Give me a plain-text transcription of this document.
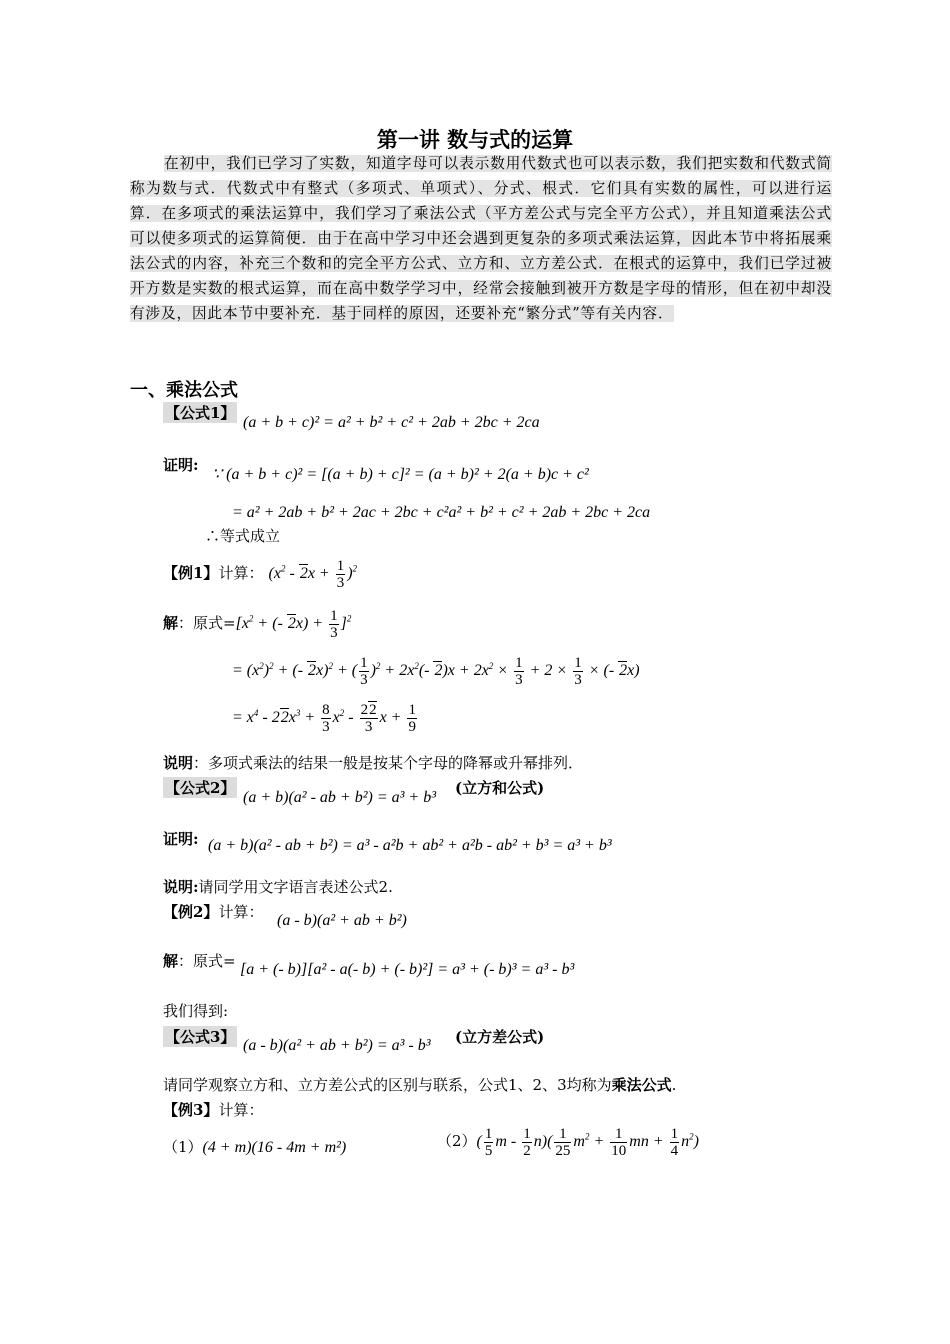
第一讲 数与式的运算
在初中，我们已学习了实数，知道字母可以表示数用代数式也可以表示数，我们把实数和代数式简称为数与式．代数式中有整式（多项式、单项式）、分式、根式．它们具有实数的属性，可以进行运算．在多项式的乘法运算中，我们学习了乘法公式（平方差公式与完全平方公式），并且知道乘法公式可以使多项式的运算简便．由于在高中学习中还会遇到更复杂的多项式乘法运算，因此本节中将拓展乘法公式的内容，补充三个数和的完全平方公式、立方和、立方差公式．在根式的运算中，我们已学过被开方数是实数的根式运算，而在高中数学学习中，经常会接触到被开方数是字母的情形，但在初中却没有涉及，因此本节中要补充．基于同样的原因，还要补充“繁分式”等有关内容．
一、乘法公式
【公式1】
(a + b + c)² = a² + b² + c² + 2ab + 2bc + 2ca
证明:
∵ (a + b + c)² = [(a + b) + c]² = (a + b)² + 2(a + b)c + c²
= a² + 2ab + b² + 2ac + 2bc + c²a² + b² + c² + 2ab + 2bc + 2ca
∴等式成立
【例1】计算： $(x^2 - 2x + \frac{1}{3} )^2$
解：原式$=[x^2$ + (- $2x) + \frac{1}{3} ]^2$
= $(x^2)^2$ + (- 2x)$^2$ + ( $\frac{1}{3} )^2 + 2x^2(-$ $2)x + 2x^2 \times \frac{1}{3} + 2 \times \frac{1}{3}$ × (- 2x)
= $x^4 - 22x^3 + \frac{8}{3} x^2 - \frac{22}{3}$ $x + \frac{1}{9}$
说明：多项式乘法的结果一般是按某个字母的降幂或升幂排列．
【公式2】
(a + b)(a² - ab + b²) = a³ + b³
(立方和公式)
证明: (a + b)(a² - ab + b²) = a³ - a²b + ab² + a²b - ab² + b³ = a³ + b³
说明:请同学用文字语言表述公式2.
【例2】计算： (a - b)(a² + ab + b²)
解：原式= [a + (- b)][a² - a(- b) + (- b)²] = a³ + (- b)³ = a³ - b³
我们得到:
【公式3】 (a - b)(a² + ab + b²) = a³ - b³ (立方差公式)
请同学观察立方和、立方差公式的区别与联系，公式1、2、3均称为乘法公式.
【例3】计算：
（1）(4 + m)(16 - 4m + m²)	$(2)( \frac{1}{5}$ $m - \frac{1}{2} n)( \frac{1}{25} m^2 + \frac{1}{10}$ mn + $\frac{1}{4} n^2$)
